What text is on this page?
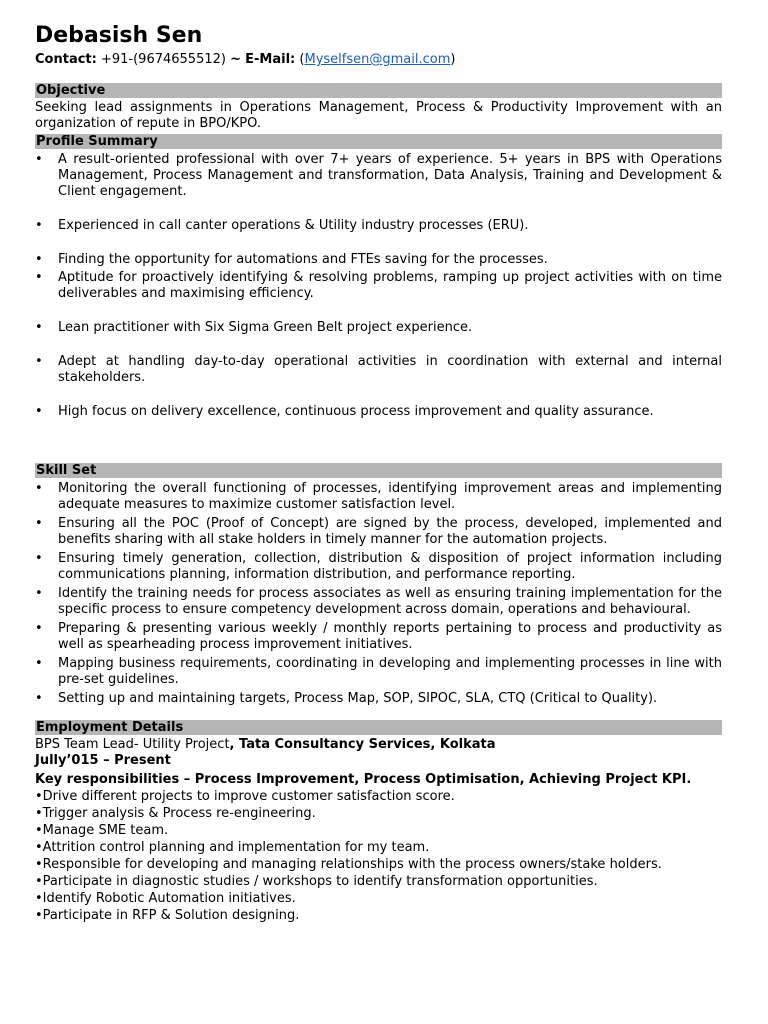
Debasish Sen
Contact: +91-(9674655512) ~ E-Mail: (Myselfsen@gmail.com)
Objective

Seeking lead assignments in Operations Management, Process & Productivity Improvement with an organization of repute in BPO/KPO.

Profile Summary
• A result-oriented professional with over 7+ years of experience. 5+ years in BPS with Operations Management, Process Management and transformation, Data Analysis, Training and Development & Client engagement.
• Experienced in call canter operations & Utility industry processes (ERU).
• Finding the opportunity for automations and FTEs saving for the processes.
• Aptitude for proactively identifying & resolving problems, ramping up project activities with on time deliverables and maximising efficiency.
• Lean practitioner with Six Sigma Green Belt project experience.
• Adept at handling day-to-day operational activities in coordination with external and internal stakeholders.
• High focus on delivery excellence, continuous process improvement and quality assurance.
Skill Set
• Monitoring the overall functioning of processes, identifying improvement areas and implementing adequate measures to maximize customer satisfaction level.
• Ensuring all the POC (Proof of Concept) are signed by the process, developed, implemented and benefits sharing with all stake holders in timely manner for the automation projects.
• Ensuring timely generation, collection, distribution & disposition of project information including communications planning, information distribution, and performance reporting.
• Identify the training needs for process associates as well as ensuring training implementation for the specific process to ensure competency development across domain, operations and behavioural.
• Preparing & presenting various weekly / monthly reports pertaining to process and productivity as well as spearheading process improvement initiatives.
• Mapping business requirements, coordinating in developing and implementing processes in line with pre-set guidelines.
• Setting up and maintaining targets, Process Map, SOP, SIPOC, SLA, CTQ (Critical to Quality).
Employment Details
BPS Team Lead- Utility Project, Tata Consultancy Services, Kolkata
Jully’015 – Present
Key responsibilities – Process Improvement, Process Optimisation, Achieving Project KPI.
•Drive different projects to improve customer satisfaction score.
•Trigger analysis & Process re-engineering.
•Manage SME team.
•Attrition control planning and implementation for my team.
•Responsible for developing and managing relationships with the process owners/stake holders.
•Participate in diagnostic studies / workshops to identify transformation opportunities.
•Identify Robotic Automation initiatives.
•Participate in RFP & Solution designing.
